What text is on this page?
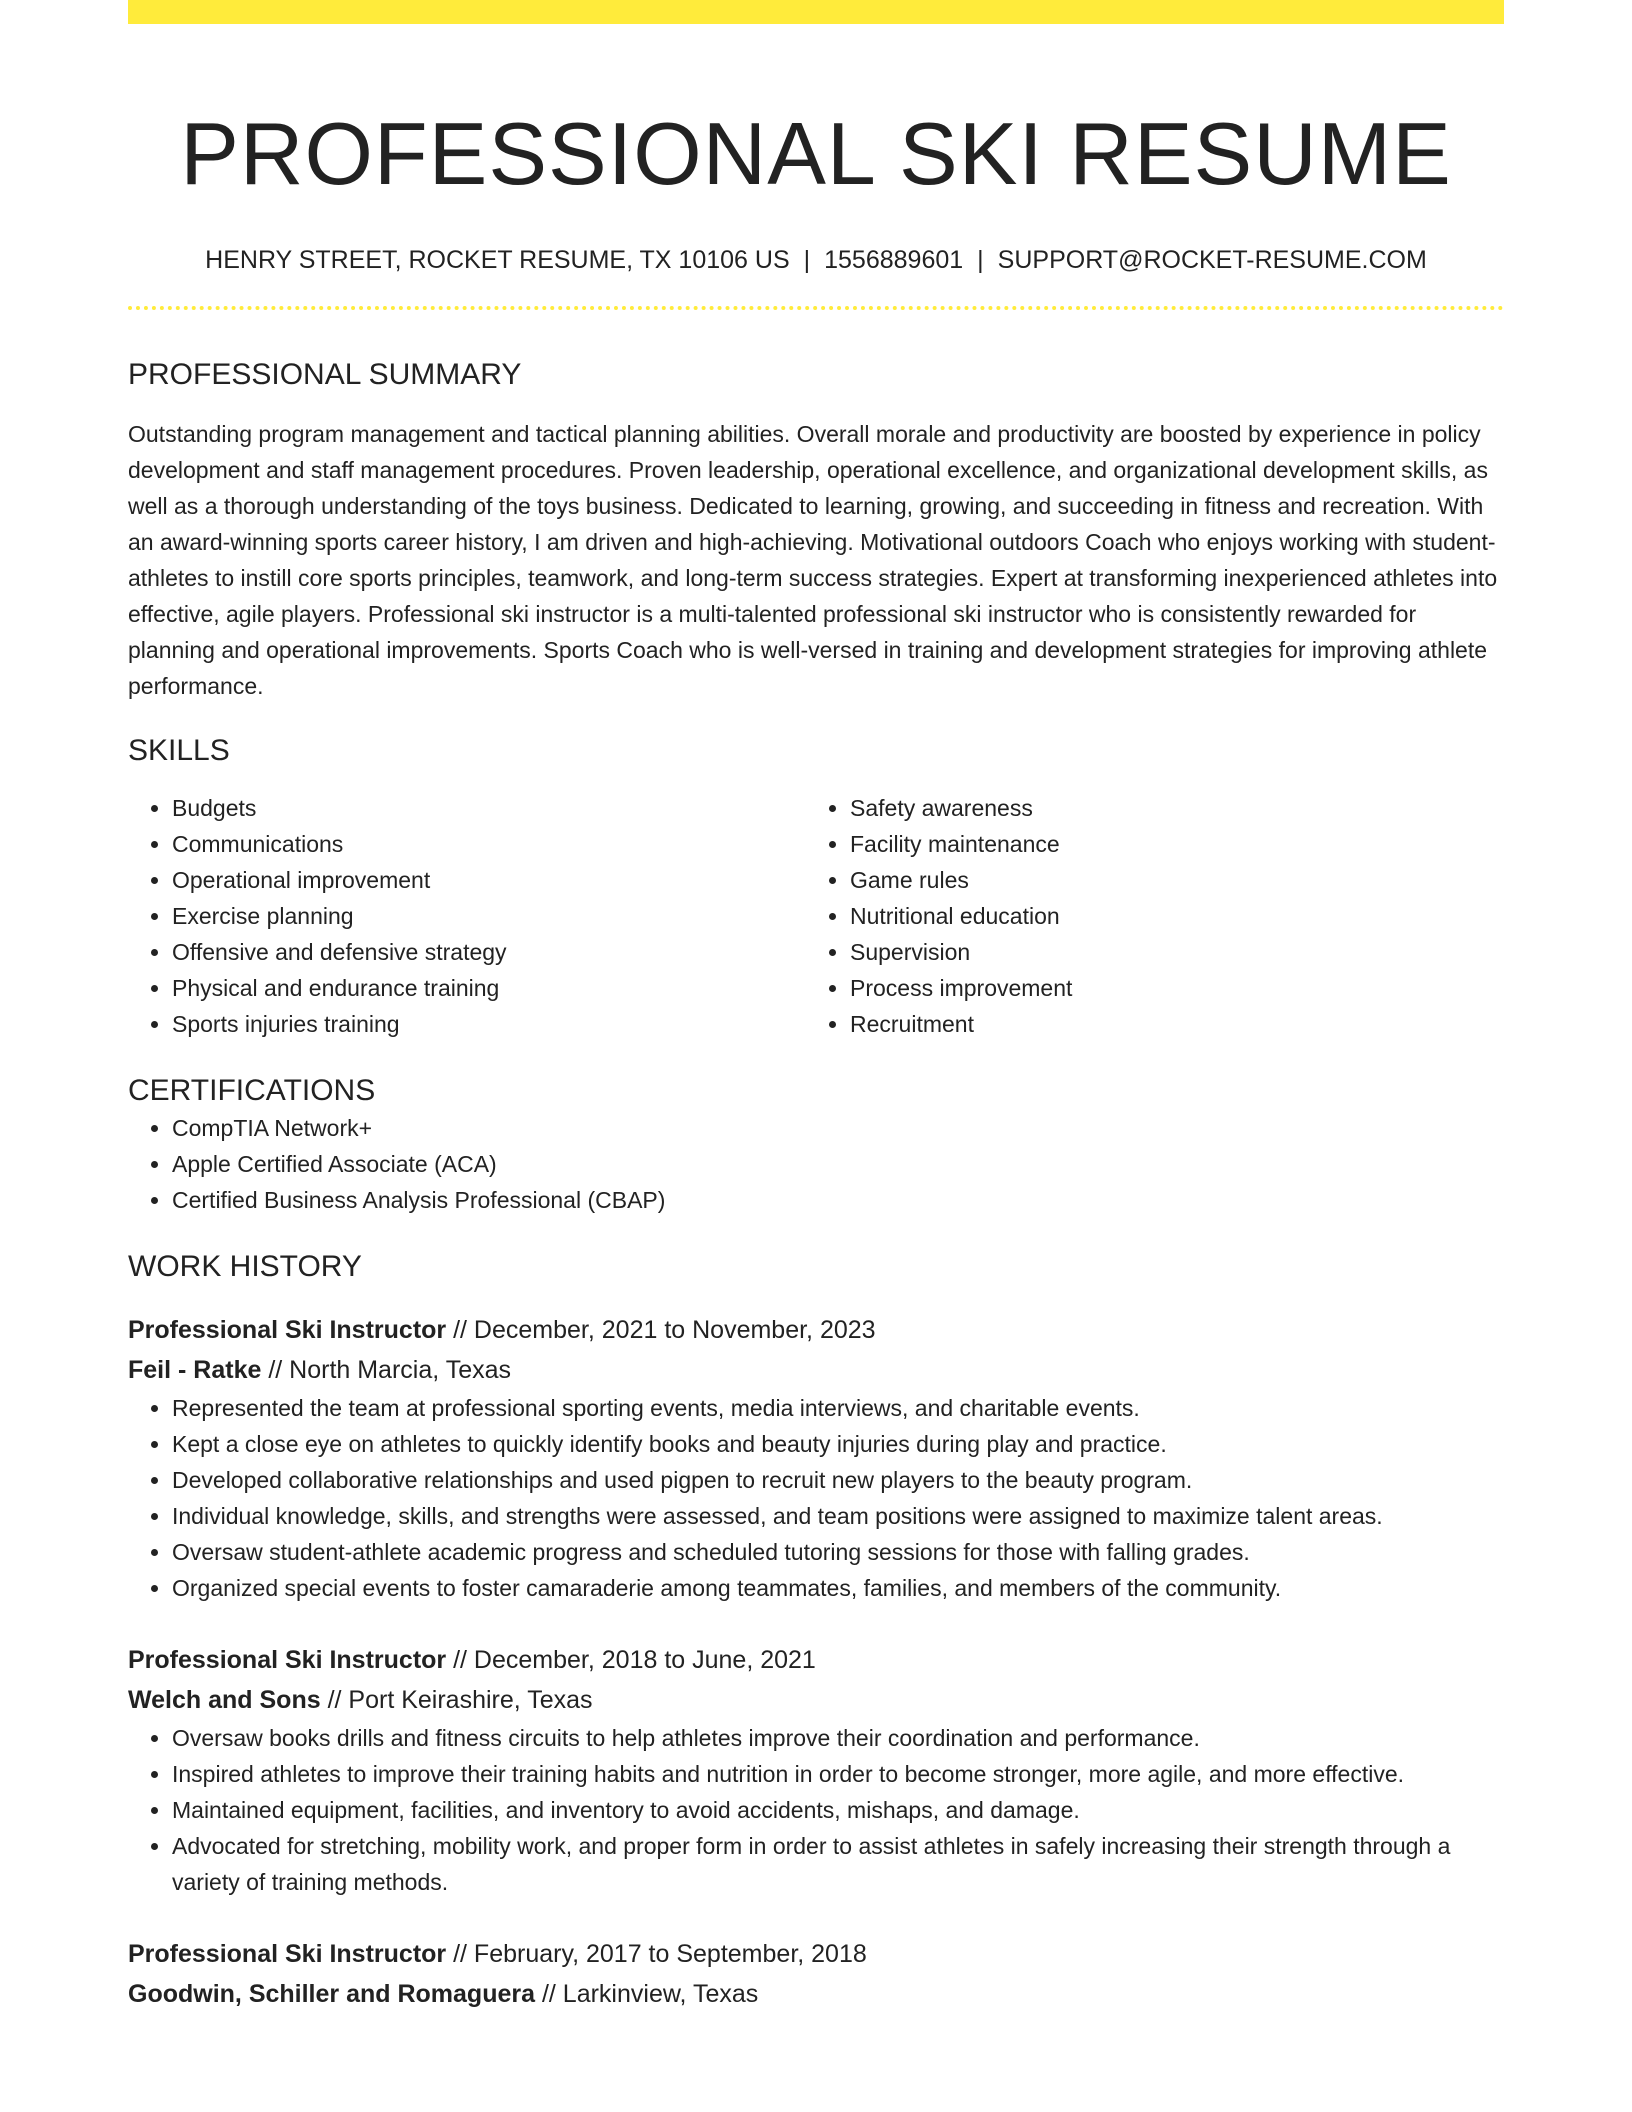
PROFESSIONAL SKI RESUME
HENRY STREET, ROCKET RESUME, TX 10106 US | 1556889601 | SUPPORT@ROCKET-RESUME.COM
PROFESSIONAL SUMMARY

Outstanding program management and tactical planning abilities. Overall morale and productivity are boosted by experience in policy development and staff management procedures. Proven leadership, operational excellence, and organizational development skills, as well as a thorough understanding of the toys business. Dedicated to learning, growing, and succeeding in fitness and recreation. With an award-winning sports career history, I am driven and high-achieving. Motivational outdoors Coach who enjoys working with student-athletes to instill core sports principles, teamwork, and long-term success strategies. Expert at transforming inexperienced athletes into effective, agile players. Professional ski instructor is a multi-talented professional ski instructor who is consistently rewarded for planning and operational improvements. Sports Coach who is well-versed in training and development strategies for improving athlete performance.

SKILLS
• Budgets
• Communications
• Operational improvement
• Exercise planning
• Offensive and defensive strategy
• Physical and endurance training
• Sports injuries training
• Safety awareness
• Facility maintenance
• Game rules
• Nutritional education
• Supervision
• Process improvement
• Recruitment
CERTIFICATIONS
• CompTIA Network+
• Apple Certified Associate (ACA)
• Certified Business Analysis Professional (CBAP)
WORK HISTORY
Professional Ski Instructor // December, 2021 to November, 2023
Feil - Ratke // North Marcia, Texas
• Represented the team at professional sporting events, media interviews, and charitable events.
• Kept a close eye on athletes to quickly identify books and beauty injuries during play and practice.
• Developed collaborative relationships and used pigpen to recruit new players to the beauty program.
• Individual knowledge, skills, and strengths were assessed, and team positions were assigned to maximize talent areas.
• Oversaw student-athlete academic progress and scheduled tutoring sessions for those with falling grades.
• Organized special events to foster camaraderie among teammates, families, and members of the community.
Professional Ski Instructor // December, 2018 to June, 2021
Welch and Sons // Port Keirashire, Texas
• Oversaw books drills and fitness circuits to help athletes improve their coordination and performance.
• Inspired athletes to improve their training habits and nutrition in order to become stronger, more agile, and more effective.
• Maintained equipment, facilities, and inventory to avoid accidents, mishaps, and damage.
• Advocated for stretching, mobility work, and proper form in order to assist athletes in safely increasing their strength through a variety of training methods.
Professional Ski Instructor // February, 2017 to September, 2018
Goodwin, Schiller and Romaguera // Larkinview, Texas
